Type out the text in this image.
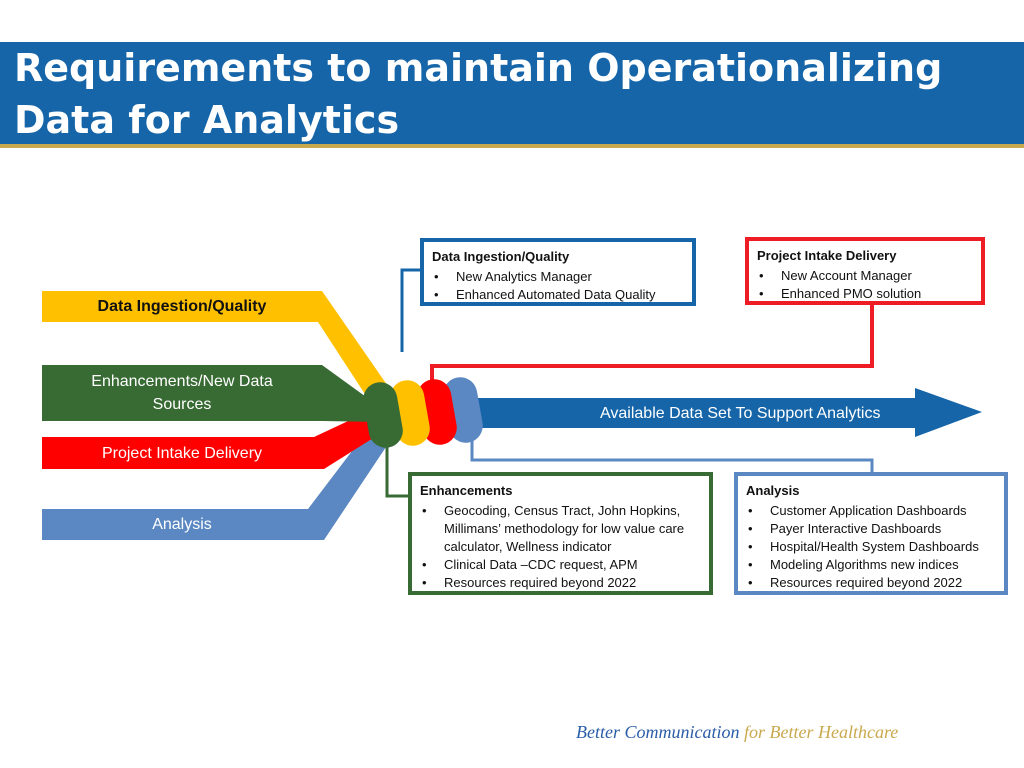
Requirements to maintain Operationalizing Data for Analytics
Data Ingestion/Quality
Enhancements/New Data Sources
Project Intake Delivery
Analysis
Available Data Set To Support Analytics
Data Ingestion/Quality
• New Analytics Manager
• Enhanced Automated Data Quality
Project Intake Delivery
• New Account Manager
• Enhanced PMO solution
Enhancements
• Geocoding, Census Tract, John Hopkins, Millimans’ methodology for low value care calculator, Wellness indicator
• Clinical Data –CDC request, APM
• Resources required beyond 2022
Analysis
• Customer Application Dashboards
• Payer Interactive Dashboards
• Hospital/Health System Dashboards
• Modeling Algorithms new indices
• Resources required beyond 2022
Better Communication for Better Healthcare
